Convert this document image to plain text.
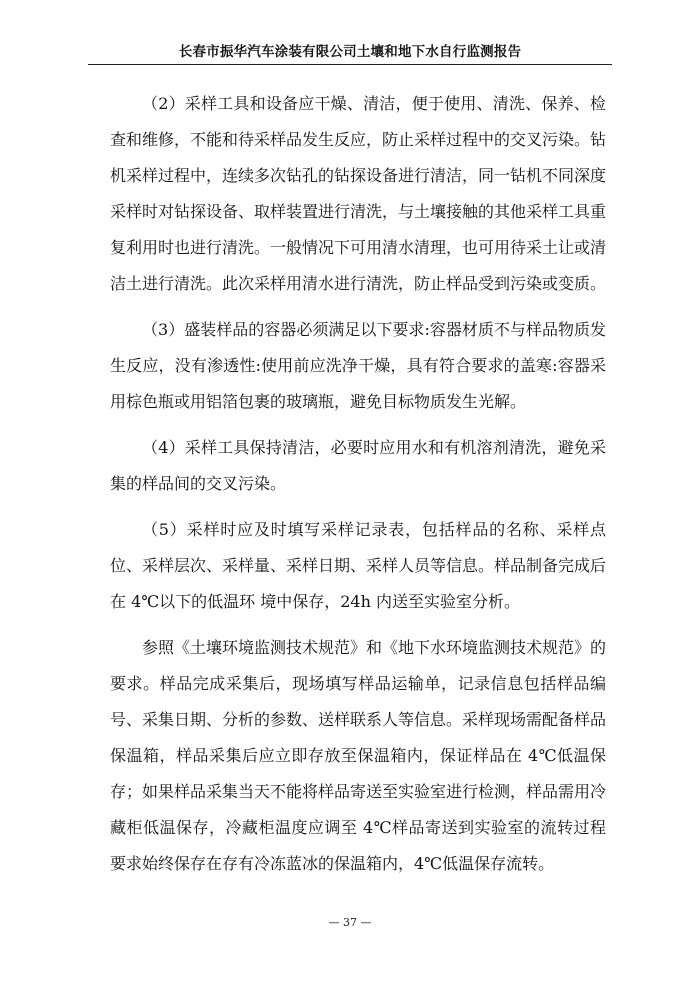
长春市振华汽车涂装有限公司土壤和地下水自行监测报告

（2）采样工具和设备应干燥、清洁，便于使用、清洗、保养、检查和维修，不能和待采样品发生反应，防止采样过程中的交叉污染。钻机采样过程中，连续多次钻孔的钻探设备进行清洁，同一钻机不同深度采样时对钻探设备、取样装置进行清洗，与土壤接触的其他采样工具重复利用时也进行清洗。一般情况下可用清水清理，也可用待采土让或清洁土进行清洗。此次采样用清水进行清洗，防止样品受到污染或变质。

（3）盛装样品的容器必须满足以下要求:容器材质不与样品物质发生反应，没有渗透性:使用前应洗净干燥，具有符合要求的盖寒:容器采用棕色瓶或用铝箔包裹的玻璃瓶，避免目标物质发生光解。

（4）采样工具保持清洁，必要时应用水和有机溶剂清洗，避免采集的样品间的交叉污染。

（5）采样时应及时填写采样记录表，包括样品的名称、采样点位、采样层次、采样量、采样日期、采样人员等信息。样品制备完成后在 4℃以下的低温环 境中保存，24h 内送至实验室分析。

参照《土壤环境监测技术规范》和《地下水环境监测技术规范》的要求。样品完成采集后，现场填写样品运输单，记录信息包括样品编号、采集日期、分析的参数、送样联系人等信息。采样现场需配备样品保温箱，样品采集后应立即存放至保温箱内，保证样品在 4℃低温保存；如果样品采集当天不能将样品寄送至实验室进行检测，样品需用冷藏柜低温保存，冷藏柜温度应调至 4℃样品寄送到实验室的流转过程要求始终保存在存有冷冻蓝冰的保温箱内，4℃低温保存流转。

— 37 —
